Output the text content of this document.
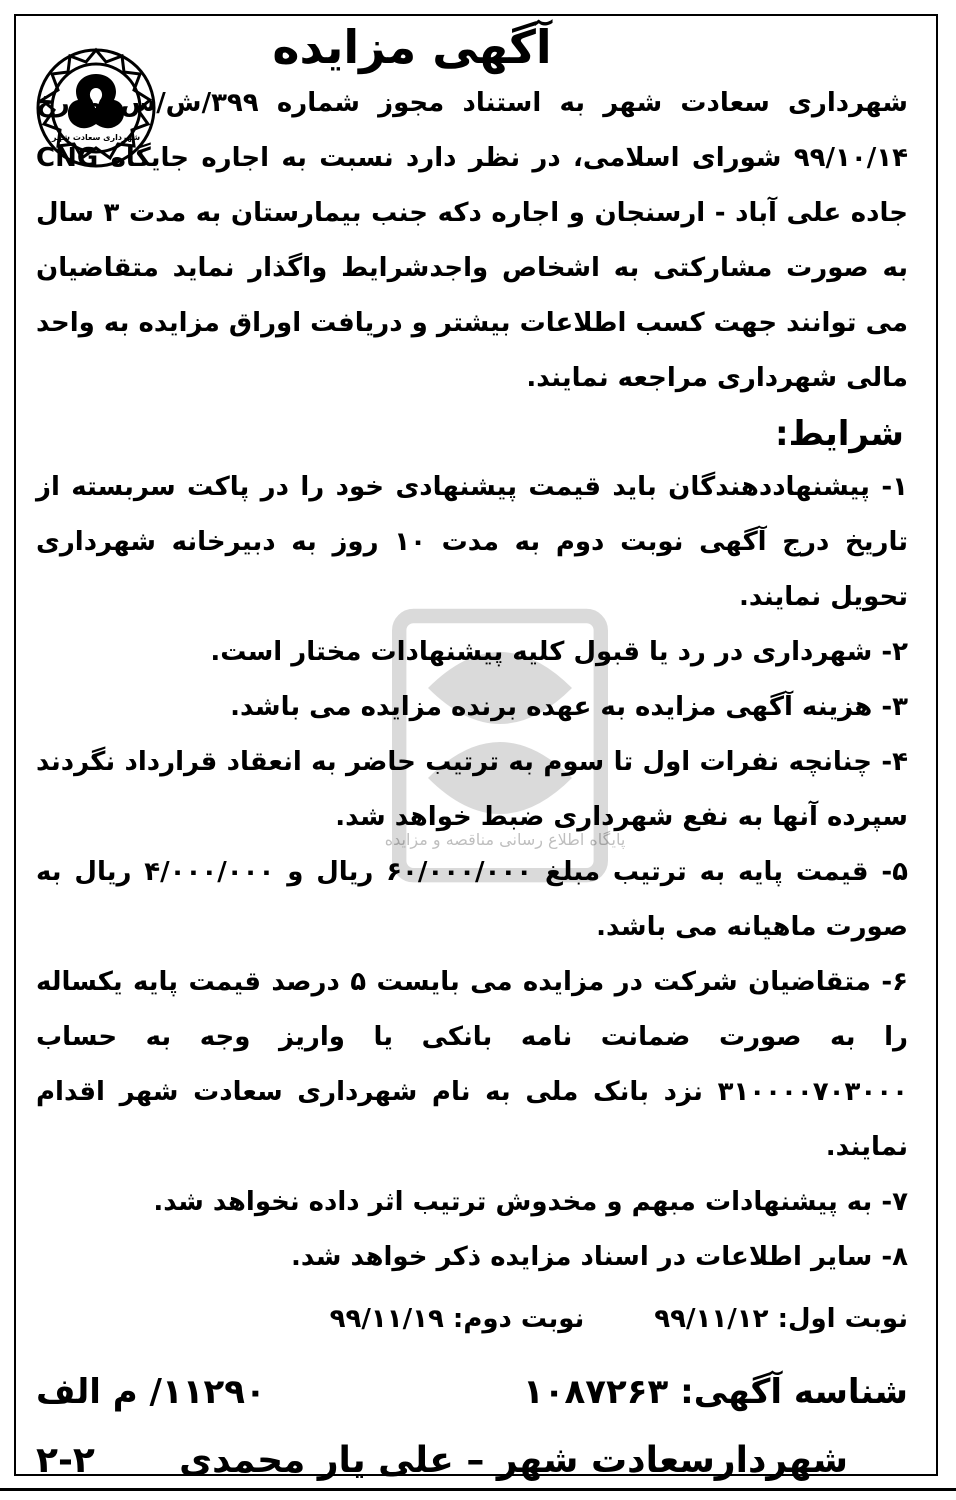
پایگاه اطلاع رسانی مناقصه و مزایده
شهرداری سعادت شهر
آگهی مزایده

شهرداری سعادت شهر به استناد مجوز شماره ۳۹۹/ش/س مورخ ۹۹/۱۰/۱۴ شورای اسلامی، در نظر دارد نسبت به اجاره جایگاه CNG جاده علی آباد - ارسنجان و اجاره دکه جنب بیمارستان به مدت ۳ سال به صورت مشارکتی به اشخاص واجدشرایط واگذار نماید متقاضیان می توانند جهت کسب اطلاعات بیشتر و دریافت اوراق مزایده به واحد مالی شهرداری مراجعه نمایند.

شرایط:

۱- پیشنهاددهندگان باید قیمت پیشنهادی خود را در پاکت سربسته از تاریخ درج آگهی نوبت دوم به مدت ۱۰ روز به دبیرخانه شهرداری تحویل نمایند.

۲- شهرداری در رد یا قبول کلیه پیشنهادات مختار است.

۳- هزینه آگهی مزایده به عهده برنده مزایده می باشد.

۴- چنانچه نفرات اول تا سوم به ترتیب حاضر به انعقاد قرارداد نگردند سپرده آنها به نفع شهرداری ضبط خواهد شد.

۵- قیمت پایه به ترتیب مبلغ ۶۰/۰۰۰/۰۰۰ ریال و ۴/۰۰۰/۰۰۰ ریال به صورت ماهیانه می باشد.

۶- متقاضیان شرکت در مزایده می بایست ۵ درصد قیمت پایه یکساله را به صورت ضمانت نامه بانکی یا واریز وجه به حساب ۳۱۰۰۰۰۷۰۳۰۰۰ نزد بانک ملی به نام شهرداری سعادت شهر اقدام نمایند.

۷- به پیشنهادات مبهم و مخدوش ترتیب اثر داده نخواهد شد.

۸- سایر اطلاعات در اسناد مزایده ذکر خواهد شد.

نوبت اول: ۹۹/۱۱/۱۲
نوبت دوم: ۹۹/۱۱/۱۹
شناسه آگهی: ۱۰۸۷۲۶۳
۱۱۲۹۰/ م الف
شهردارسعادت شهر – علی یار محمدی
۲-۲
